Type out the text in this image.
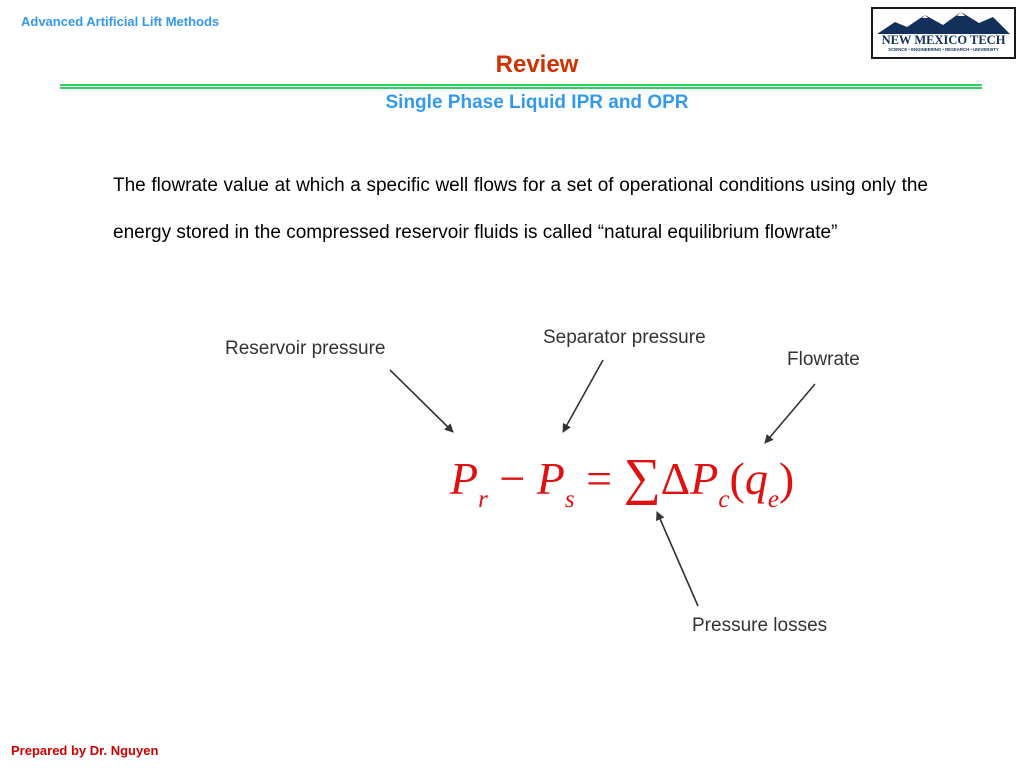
Advanced Artificial Lift Methods
NEW MEXICO TECH
SCIENCE • ENGINEERING • RESEARCH • UNIVERSITY
Review
Single Phase Liquid IPR and OPR
The flowrate value at which a specific well flows for a set of operational conditions using only the energy stored in the compressed reservoir fluids is called “natural equilibrium flowrate”
Reservoir pressure
Separator pressure
Flowrate
Pressure losses
$P_r - P_s = \sum\Delta P_c(q_e)$
Prepared by Dr. Nguyen
